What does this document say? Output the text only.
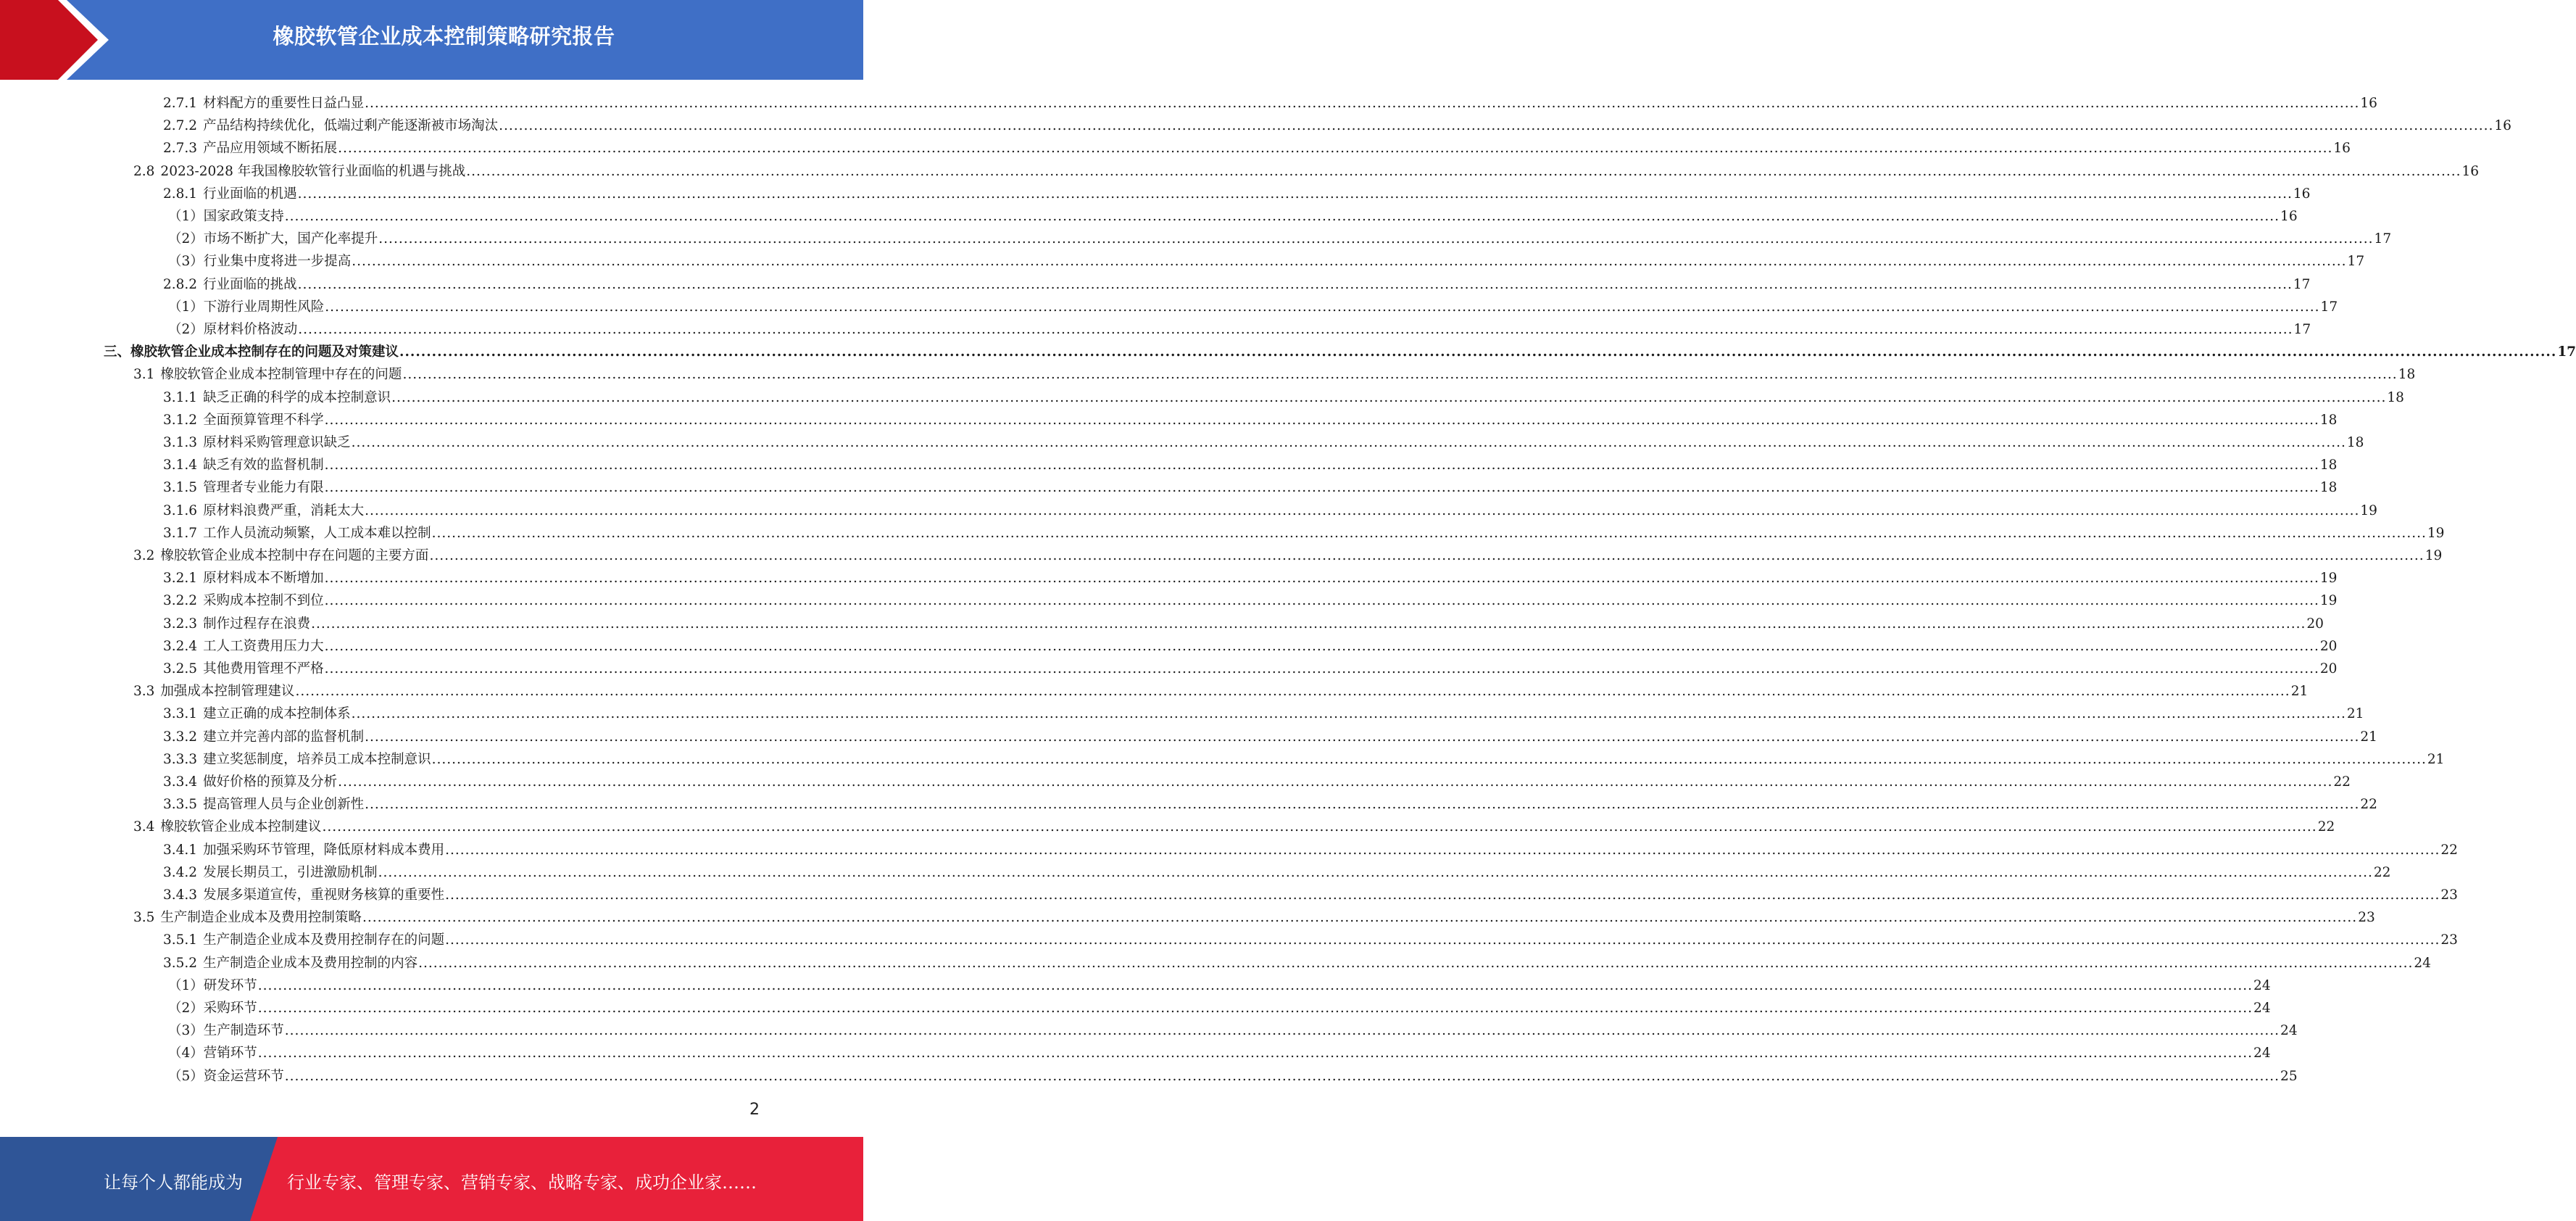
橡胶软管企业成本控制策略研究报告
2.7.1 材料配方的重要性日益凸显 ................................................................................................................................................................................................................................................................................................................................................................................................................ 16
2.7.2 产品结构持续优化，低端过剩产能逐渐被市场淘汰 ................................................................................................................................................................................................................................................................................................................................................................................................................ 16
2.7.3 产品应用领域不断拓展 ................................................................................................................................................................................................................................................................................................................................................................................................................ 16
2.8 2023-2028 年我国橡胶软管行业面临的机遇与挑战 ................................................................................................................................................................................................................................................................................................................................................................................................................ 16
2.8.1 行业面临的机遇 ................................................................................................................................................................................................................................................................................................................................................................................................................ 16
（1） 国家政策支持 ................................................................................................................................................................................................................................................................................................................................................................................................................ 16
（2） 市场不断扩大，国产化率提升 ................................................................................................................................................................................................................................................................................................................................................................................................................ 17
（3） 行业集中度将进一步提高 ................................................................................................................................................................................................................................................................................................................................................................................................................ 17
2.8.2 行业面临的挑战 ................................................................................................................................................................................................................................................................................................................................................................................................................ 17
（1） 下游行业周期性风险 ................................................................................................................................................................................................................................................................................................................................................................................................................ 17
（2） 原材料价格波动 ................................................................................................................................................................................................................................................................................................................................................................................................................ 17
三、 橡胶软管企业成本控制存在的问题及对策建议 ................................................................................................................................................................................................................................................................................................................................................................................................................ 17
3.1 橡胶软管企业成本控制管理中存在的问题 ................................................................................................................................................................................................................................................................................................................................................................................................................ 18
3.1.1 缺乏正确的科学的成本控制意识 ................................................................................................................................................................................................................................................................................................................................................................................................................ 18
3.1.2 全面预算管理不科学 ................................................................................................................................................................................................................................................................................................................................................................................................................ 18
3.1.3 原材料采购管理意识缺乏 ................................................................................................................................................................................................................................................................................................................................................................................................................ 18
3.1.4 缺乏有效的监督机制 ................................................................................................................................................................................................................................................................................................................................................................................................................ 18
3.1.5 管理者专业能力有限 ................................................................................................................................................................................................................................................................................................................................................................................................................ 18
3.1.6 原材料浪费严重，消耗太大 ................................................................................................................................................................................................................................................................................................................................................................................................................ 19
3.1.7 工作人员流动频繁，人工成本难以控制 ................................................................................................................................................................................................................................................................................................................................................................................................................ 19
3.2 橡胶软管企业成本控制中存在问题的主要方面 ................................................................................................................................................................................................................................................................................................................................................................................................................ 19
3.2.1 原材料成本不断增加 ................................................................................................................................................................................................................................................................................................................................................................................................................ 19
3.2.2 采购成本控制不到位 ................................................................................................................................................................................................................................................................................................................................................................................................................ 19
3.2.3 制作过程存在浪费 ................................................................................................................................................................................................................................................................................................................................................................................................................ 20
3.2.4 工人工资费用压力大 ................................................................................................................................................................................................................................................................................................................................................................................................................ 20
3.2.5 其他费用管理不严格 ................................................................................................................................................................................................................................................................................................................................................................................................................ 20
3.3 加强成本控制管理建议 ................................................................................................................................................................................................................................................................................................................................................................................................................ 21
3.3.1 建立正确的成本控制体系 ................................................................................................................................................................................................................................................................................................................................................................................................................ 21
3.3.2 建立并完善内部的监督机制 ................................................................................................................................................................................................................................................................................................................................................................................................................ 21
3.3.3 建立奖惩制度，培养员工成本控制意识 ................................................................................................................................................................................................................................................................................................................................................................................................................ 21
3.3.4 做好价格的预算及分析 ................................................................................................................................................................................................................................................................................................................................................................................................................ 22
3.3.5 提高管理人员与企业创新性 ................................................................................................................................................................................................................................................................................................................................................................................................................ 22
3.4 橡胶软管企业成本控制建议 ................................................................................................................................................................................................................................................................................................................................................................................................................ 22
3.4.1 加强采购环节管理，降低原材料成本费用 ................................................................................................................................................................................................................................................................................................................................................................................................................ 22
3.4.2 发展长期员工，引进激励机制 ................................................................................................................................................................................................................................................................................................................................................................................................................ 22
3.4.3 发展多渠道宣传，重视财务核算的重要性 ................................................................................................................................................................................................................................................................................................................................................................................................................ 23
3.5 生产制造企业成本及费用控制策略 ................................................................................................................................................................................................................................................................................................................................................................................................................ 23
3.5.1 生产制造企业成本及费用控制存在的问题 ................................................................................................................................................................................................................................................................................................................................................................................................................ 23
3.5.2 生产制造企业成本及费用控制的内容 ................................................................................................................................................................................................................................................................................................................................................................................................................ 24
（1） 研发环节 ................................................................................................................................................................................................................................................................................................................................................................................................................ 24
（2） 采购环节 ................................................................................................................................................................................................................................................................................................................................................................................................................ 24
（3） 生产制造环节 ................................................................................................................................................................................................................................................................................................................................................................................................................ 24
（4） 营销环节 ................................................................................................................................................................................................................................................................................................................................................................................................................ 24
（5） 资金运营环节 ................................................................................................................................................................................................................................................................................................................................................................................................................ 25
2
让每个人都能成为	行业专家、管理专家、营销专家、战略专家、成功企业家……
